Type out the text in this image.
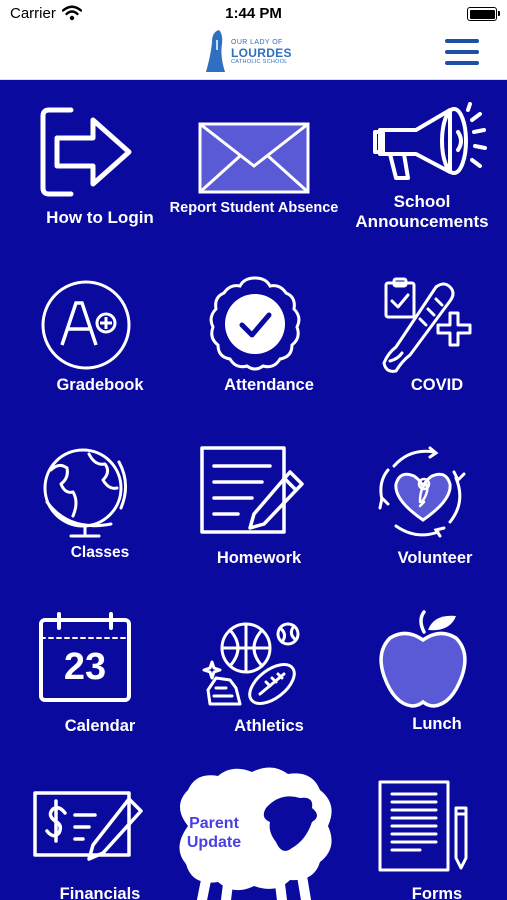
Carrier	1:44 PM
OUR LADY OF
LOURDES
CATHOLIC SCHOOL
How to Login	Report Student Absence	School Announcements
Gradebook	Attendance	COVID
Classes	Homework	Volunteer
23
Calendar	Athletics	Lunch
Financials
Parent Update
Forms
